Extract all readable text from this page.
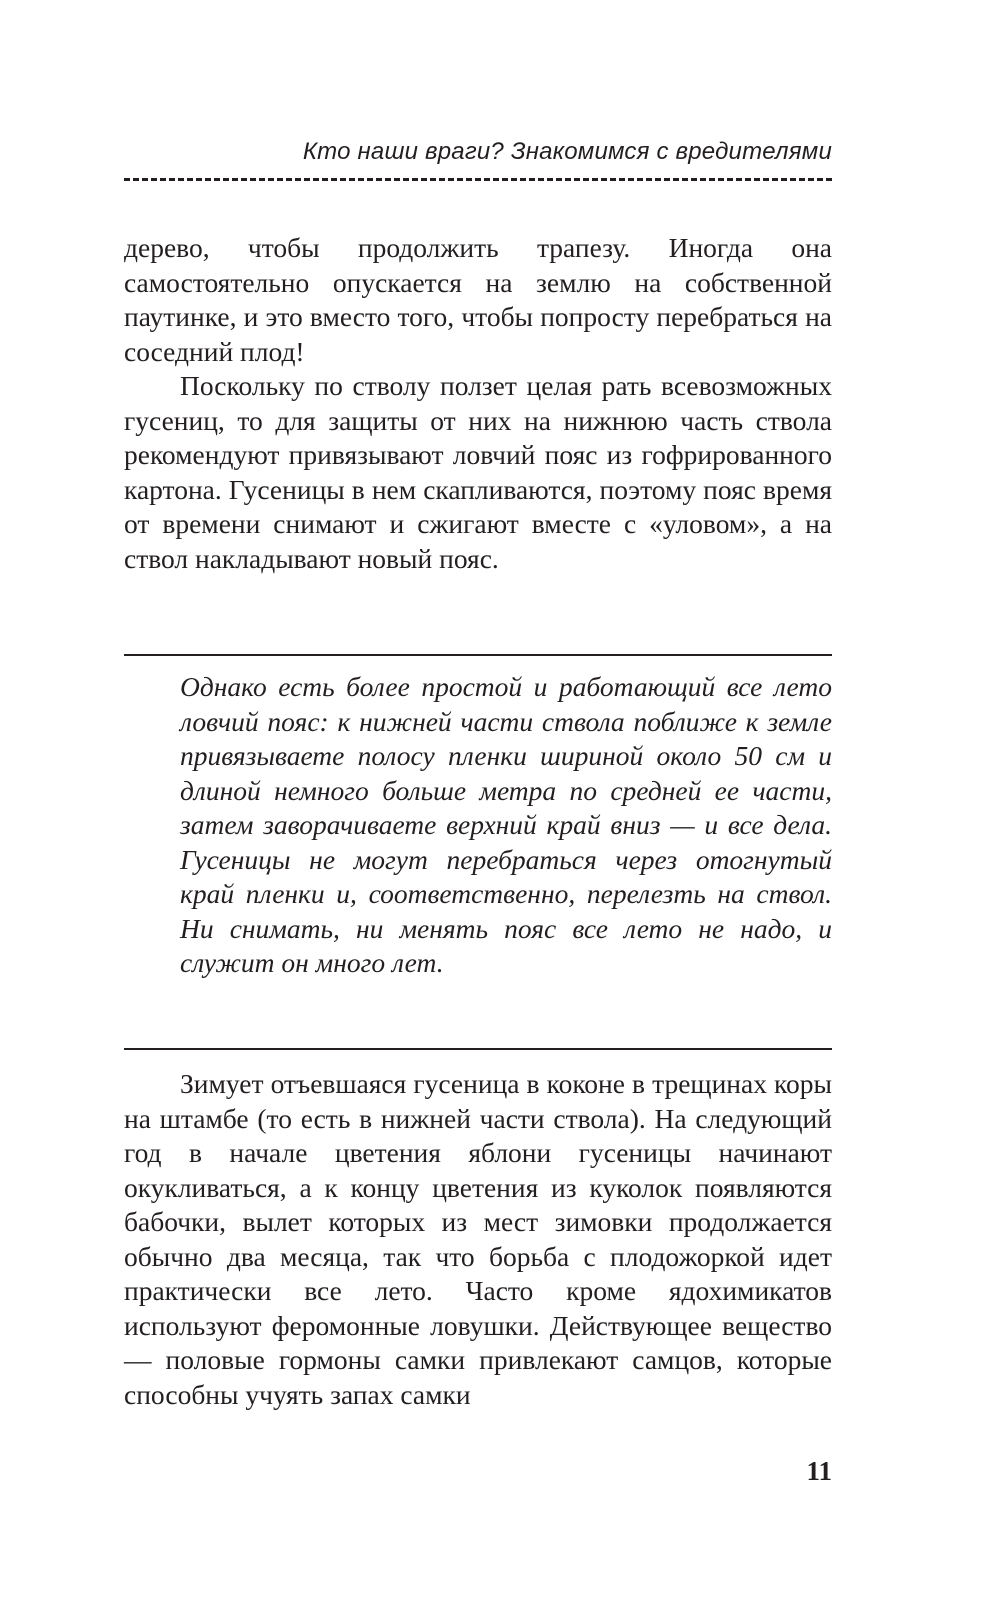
Кто наши враги? Знакомимся с вредителями

дерево, чтобы продолжить трапезу. Иногда она самостоятельно опускается на землю на собственной паутинке, и это вместо того, чтобы попросту перебраться на соседний плод!

Поскольку по стволу ползет целая рать всевозможных гусениц, то для защиты от них на нижнюю часть ствола рекомендуют привязывают ловчий пояс из гофрированного картона. Гусеницы в нем скапливаются, поэтому пояс время от времени снимают и сжигают вместе с «уловом», а на ствол накладывают новый пояс.

Однако есть более простой и работающий все лето ловчий пояс: к нижней части ствола поближе к земле привязываете полосу пленки шириной около 50 см и длиной немного больше метра по средней ее части, затем заворачиваете верхний край вниз — и все дела. Гусеницы не могут перебраться через отогнутый край пленки и, соответственно, перелезть на ствол. Ни снимать, ни менять пояс все лето не надо, и служит он много лет.

Зимует отъевшаяся гусеница в коконе в трещинах коры на штамбе (то есть в нижней части ствола). На следующий год в начале цветения яблони гусеницы начинают окукливаться, а к концу цветения из куколок появляются бабочки, вылет которых из мест зимовки продолжается обычно два месяца, так что борьба с плодожоркой идет практически все лето. Часто кроме ядохимикатов используют феромонные ловушки. Действующее вещество — половые гормоны самки привлекают самцов, которые способны учуять запах самки

11
